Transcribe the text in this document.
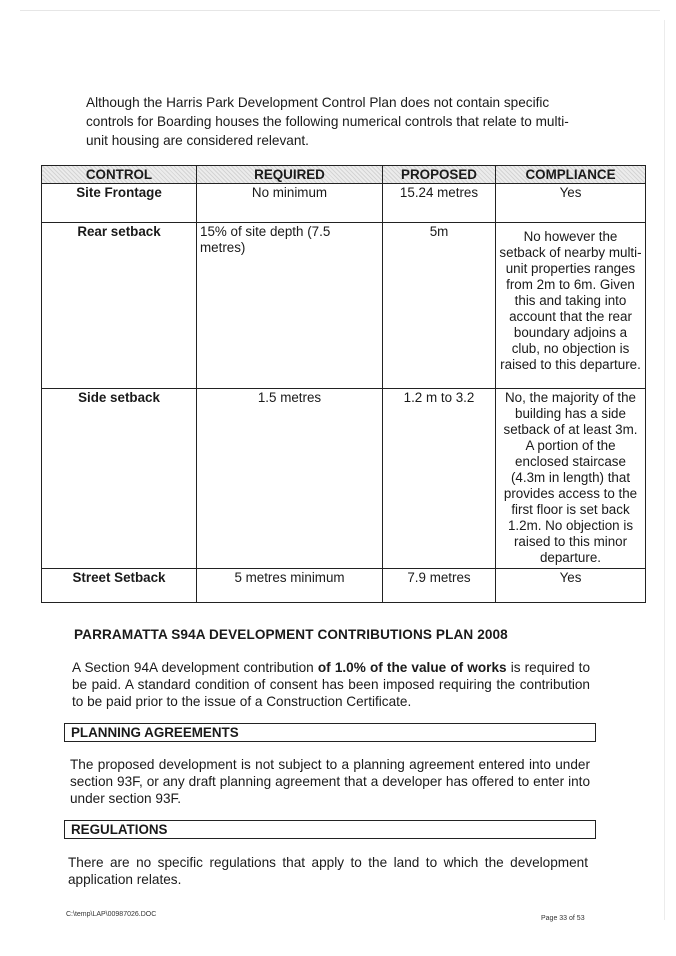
Although the Harris Park Development Control Plan does not contain specific controls for Boarding houses the following numerical controls that relate to multi-unit housing are considered relevant.

CONTROL	REQUIRED	PROPOSED	COMPLIANCE
Site Frontage	No minimum	15.24 metres	Yes
Rear setback	15% of site depth (7.5 metres)	5m	No however the setback of nearby multi-unit properties ranges from 2m to 6m. Given this and taking into account that the rear boundary adjoins a club, no objection is raised to this departure.
Side setback	1.5 metres	1.2 m to 3.2	No, the majority of the building has a side setback of at least 3m. A portion of the enclosed staircase (4.3m in length) that provides access to the first floor is set back 1.2m. No objection is raised to this minor departure.
Street Setback	5 metres minimum	7.9 metres	Yes
PARRAMATTA S94A DEVELOPMENT CONTRIBUTIONS PLAN 2008

A Section 94A development contribution of 1.0% of the value of works is required to be paid. A standard condition of consent has been imposed requiring the contribution to be paid prior to the issue of a Construction Certificate.

PLANNING AGREEMENTS

The proposed development is not subject to a planning agreement entered into under section 93F, or any draft planning agreement that a developer has offered to enter into under section 93F.

REGULATIONS

There are no specific regulations that apply to the land to which the development application relates.

C:\temp\LAP\00987026.DOC
Page 33 of 53
